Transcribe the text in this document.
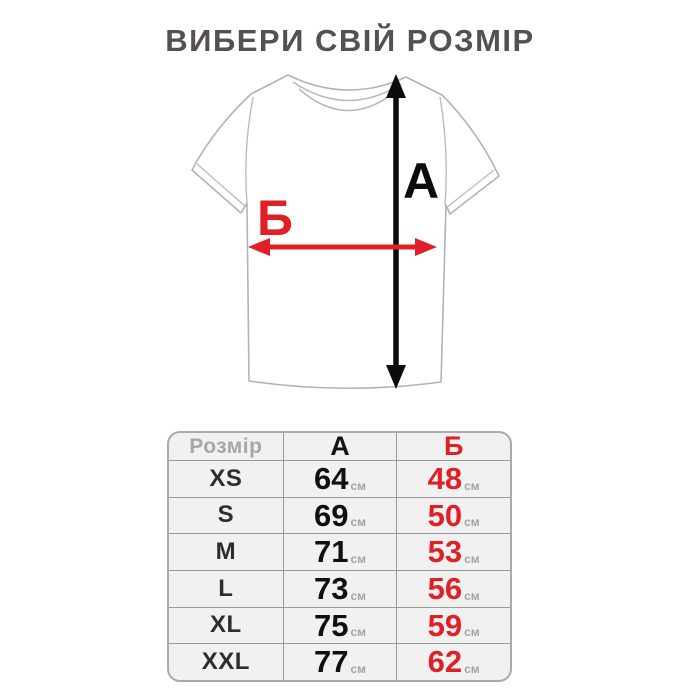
ВИБЕРИ СВІЙ РОЗМІР
А
Б
Розмір	А	Б
XS 64 см 48 см
S	69 см 50 см
M	71 см 53 см
L	73 см 56 см
XL 75 см 59 см
XXL 77 см 62 см
